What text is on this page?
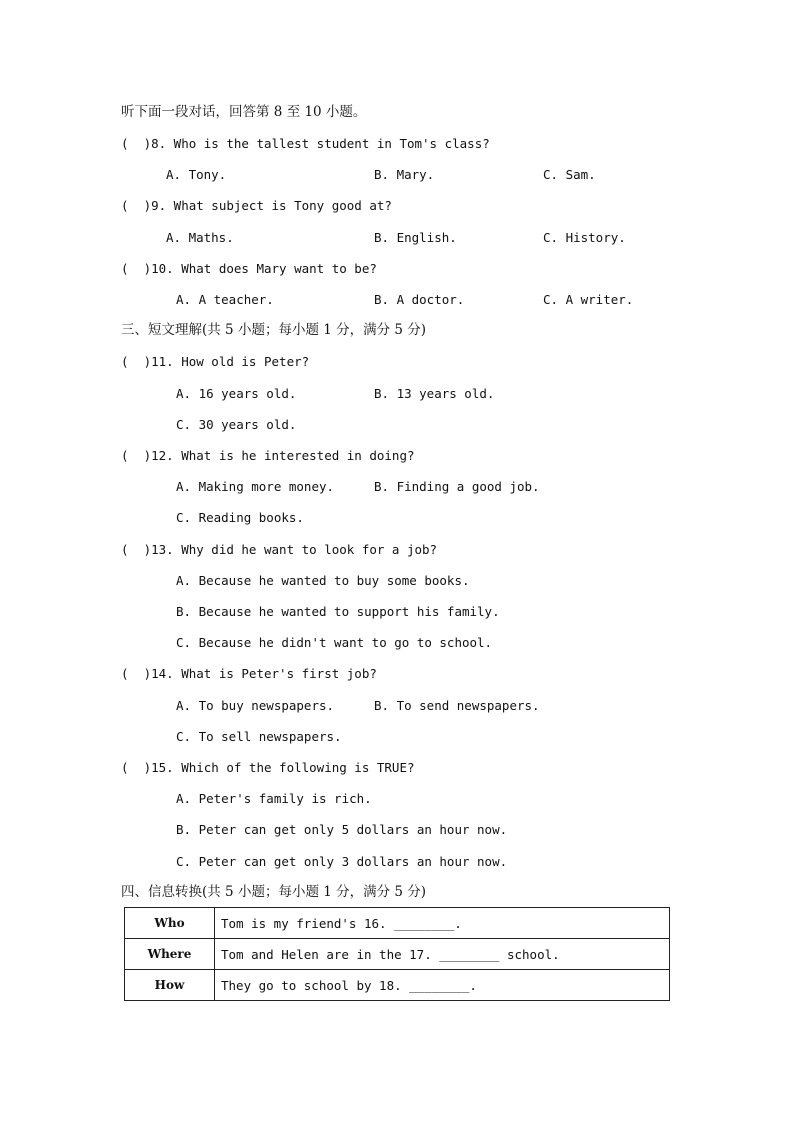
听下面一段对话，回答第 8 至 10 小题。
(  )8. Who is the tallest student in Tom's class?
A. Tony.	B. Mary.	C. Sam.
(  )9. What subject is Tony good at?
A. Maths.	B. English.	C. History.
(  )10. What does Mary want to be?
A. A teacher.	B. A doctor.	C. A writer.
三、短文理解(共 5 小题；每小题 1 分，满分 5 分)
(  )11. How old is Peter?
A. 16 years old.	B. 13 years old.
C. 30 years old.
(  )12. What is he interested in doing?
A. Making more money.	B. Finding a good job.
C. Reading books.
(  )13. Why did he want to look for a job?
A. Because he wanted to buy some books.
B. Because he wanted to support his family.
C. Because he didn't want to go to school.
(  )14. What is Peter's first job?
A. To buy newspapers.	B. To send newspapers.
C. To sell newspapers.
(  )15. Which of the following is TRUE?
A. Peter's family is rich.
B. Peter can get only 5 dollars an hour now.
C. Peter can get only 3 dollars an hour now.
四、信息转换(共 5 小题；每小题 1 分，满分 5 分)
Who	Tom is my friend's 16. ________.
Where	Tom and Helen are in the 17. ________ school.
How	They go to school by 18. ________.
